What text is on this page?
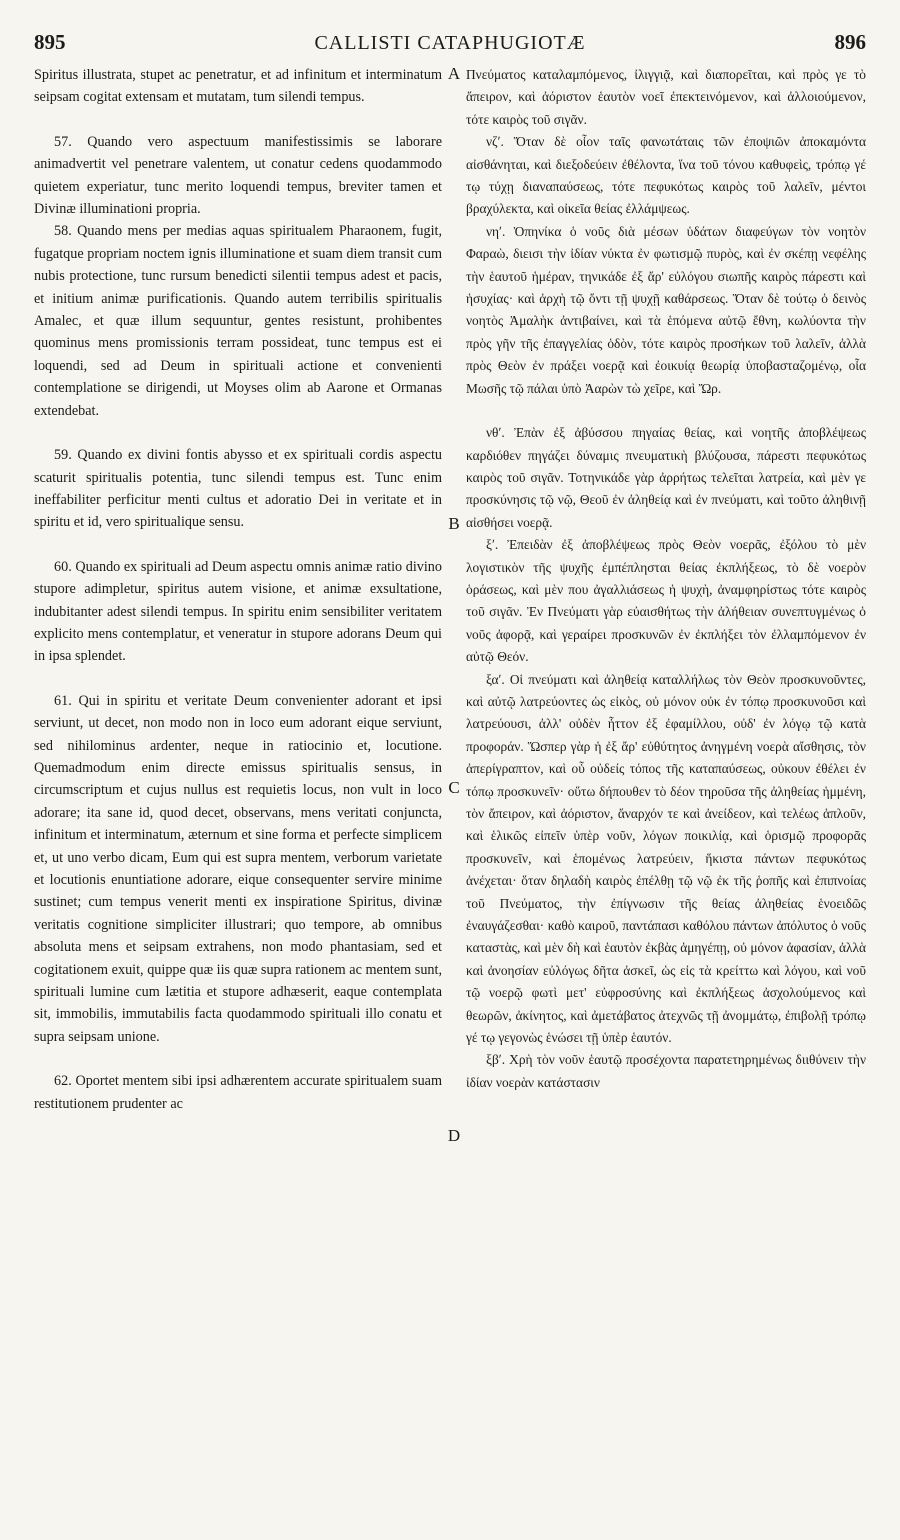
895	CALLISTI CATAPHUGIOTÆ	896

Spiritus illustrata, stupet ac penetratur, et ad infinitum et interminatum seipsam cogitat extensam et mutatam, tum silendi tempus.

57. Quando vero aspectuum manifestissimis se laborare animadvertit vel penetrare valentem, ut conatur cedens quodammodo quietem experiatur, tunc merito loquendi tempus, breviter tamen et Divinæ illuminationi propria.

58. Quando mens per medias aquas spiritualem Pharaonem, fugit, fugatque propriam noctem ignis illuminatione et suam diem transit cum nubis protectione, tunc rursum benedicti silentii tempus adest et pacis, et initium animæ purificationis. Quando autem terribilis spiritualis Amalec, et quæ illum sequuntur, gentes resistunt, prohibentes quominus mens promissionis terram possideat, tunc tempus est ei loquendi, sed ad Deum in spirituali actione et convenienti contemplatione se dirigendi, ut Moyses olim ab Aarone et Ormanas extendebat.

59. Quando ex divini fontis abysso et ex spirituali cordis aspectu scaturit spiritualis potentia, tunc silendi tempus est. Tunc enim ineffabiliter perficitur menti cultus et adoratio Dei in veritate et in spiritu et id, vero spiritualique sensu.

60. Quando ex spirituali ad Deum aspectu omnis animæ ratio divino stupore adimpletur, spiritus autem visione, et animæ exsultatione, indubitanter adest silendi tempus. In spiritu enim sensibiliter veritatem explicito mens contemplatur, et veneratur in stupore adorans Deum qui in ipsa splendet.

61. Qui in spiritu et veritate Deum convenienter adorant et ipsi serviunt, ut decet, non modo non in loco eum adorant eique serviunt, sed nihilominus ardenter, neque in ratiocinio et, locutione. Quemadmodum enim directe emissus spiritualis sensus, in circumscriptum et cujus nullus est requietis locus, non vult in loco adorare; ita sane id, quod decet, observans, mens veritati conjuncta, infinitum et interminatum, æternum et sine forma et perfecte simplicem et, ut uno verbo dicam, Eum qui est supra mentem, verborum varietate et locutionis enuntiatione adorare, eique consequenter servire minime sustinet; cum tempus venerit menti ex inspiratione Spiritus, divinæ veritatis cognitione simpliciter illustrari; quo tempore, ab omnibus absoluta mens et seipsam extrahens, non modo phantasiam, sed et cogitationem exuit, quippe quæ iis quæ supra rationem ac mentem sunt, spirituali lumine cum lætitia et stupore adhæserit, eaque contemplata sit, immobilis, immutabilis facta quodammodo spirituali illo conatu et supra seipsam unione.

62. Oportet mentem sibi ipsi adhærentem accurate spiritualem suam restitutionem prudenter ac

A
B
C
D

Πνεύματος καταλαμπόμενος, ἰλιγγιᾷ, καὶ διαπορεῖται, καὶ πρὸς γε τὸ ἄπειρον, καὶ ἀόριστον ἑαυτὸν νοεῖ ἐπεκτεινόμενον, καὶ ἀλλοιούμενον, τότε καιρὸς τοῦ σιγᾶν.

νζʹ. Ὅταν δὲ οἷον ταῖς φανωτάταις τῶν ἐποψιῶν ἀποκαμόντα αἰσθάνηται, καὶ διεξοδεύειν ἐθέλοντα, ἵνα τοῦ τόνου καθυφεὶς, τρόπῳ γέ τῳ τύχῃ διαναπαύσεως, τότε πεφυκότως καιρὸς τοῦ λαλεῖν, μέντοι βραχύλεκτα, καὶ οἰκεῖα θείας ἐλλάμψεως.

νηʹ. Ὁπηνίκα ὁ νοῦς διὰ μέσων ὑδάτων διαφεύγων τὸν νοητὸν Φαραὼ, διεισι τὴν ἰδίαν νύκτα ἐν φωτισμῷ πυρὸς, καὶ ἐν σκέπῃ νεφέλης τὴν ἑαυτοῦ ἡμέραν, τηνικάδε ἐξ ἄρ' εὐλόγου σιωπῆς καιρὸς πάρεστι καὶ ἡσυχίας· καὶ ἀρχὴ τῷ ὄντι τῇ ψυχῇ καθάρσεως. Ὅταν δὲ τούτῳ ὁ δεινὸς νοητὸς Ἀμαλὴκ ἀντιβαίνει, καὶ τὰ ἑπόμενα αὐτῷ ἔθνη, κωλύοντα τὴν πρὸς γῆν τῆς ἐπαγγελίας ὁδὸν, τότε καιρὸς προσήκων τοῦ λαλεῖν, ἀλλὰ πρὸς Θεὸν ἐν πράξει νοερᾷ καὶ ἐοικυίᾳ θεωρίᾳ ὑποβασταζομένῳ, οἷα Μωσῆς τῷ πάλαι ὑπὸ Ἀαρὼν τὼ χεῖρε, καὶ Ὤρ.

νθʹ. Ἐπὰν ἐξ ἀβύσσου πηγαίας θείας, καὶ νοητῆς ἀποβλέψεως καρδιόθεν πηγάζει δύναμις πνευματικὴ βλύζουσα, πάρεστι πεφυκότως καιρὸς τοῦ σιγᾶν. Τοτηνικάδε γὰρ ἀρρήτως τελεῖται λατρεία, καὶ μὲν γε προσκύνησις τῷ νῷ, Θεοῦ ἐν ἀληθείᾳ καὶ ἐν πνεύματι, καὶ τοῦτο ἀληθινῇ αἰσθήσει νοερᾷ.

ξʹ. Ἐπειδὰν ἐξ ἀποβλέψεως πρὸς Θεὸν νοερᾶς, ἐξόλου τὸ μὲν λογιστικὸν τῆς ψυχῆς ἐμπέπλησται θείας ἐκπλήξεως, τὸ δὲ νοερὸν ὁράσεως, καὶ μὲν που ἀγαλλιάσεως ἡ ψυχὴ, ἀναμφηρίστως τότε καιρὸς τοῦ σιγᾶν. Ἐν Πνεύματι γὰρ εὐαισθήτως τὴν ἀλήθειαν συνεπτυγμένως ὁ νοῦς ἀφορᾷ, καὶ γεραίρει προσκυνῶν ἐν ἐκπλήξει τὸν ἐλλαμπόμενον ἐν αὐτῷ Θεόν.

ξαʹ. Οἱ πνεύματι καὶ ἀληθείᾳ καταλλήλως τὸν Θεὸν προσκυνοῦντες, καὶ αὐτῷ λατρεύοντες ὡς εἰκὸς, οὐ μόνον οὐκ ἐν τόπῳ προσκυνοῦσι καὶ λατρεύουσι, ἀλλ' οὐδὲν ἧττον ἐξ ἐφαμίλλου, οὐδ' ἐν λόγῳ τῷ κατὰ προφοράν. Ὥσπερ γὰρ ἡ ἐξ ἄρ' εὐθύτητος ἀνηγμένη νοερὰ αἴσθησις, τὸν ἀπερίγραπτον, καὶ οὗ οὐδείς τόπος τῆς καταπαύσεως, οὐκουν ἐθέλει ἐν τόπῳ προσκυνεῖν· οὕτω δήπουθεν τὸ δέον τηροῦσα τῆς ἀληθείας ἡμμένη, τὸν ἄπειρον, καὶ ἀόριστον, ἄναρχόν τε καὶ ἀνείδεον, καὶ τελέως ἁπλοῦν, καὶ ἑλικῶς εἰπεῖν ὑπὲρ νοῦν, λόγων ποικιλίᾳ, καὶ ὁρισμῷ προφορᾶς προσκυνεῖν, καὶ ἑπομένως λατρεύειν, ἥκιστα πάντων πεφυκότως ἀνέχεται· ὅταν δηλαδὴ καιρὸς ἐπέλθῃ τῷ νῷ ἐκ τῆς ῥοπῆς καὶ ἐπιπνοίας τοῦ Πνεύματος, τὴν ἐπίγνωσιν τῆς θείας ἀληθείας ἑνοειδῶς ἐναυγάζεσθαι· καθὸ καιροῦ, παντάπασι καθόλου πάντων ἀπόλυτος ὁ νοῦς καταστὰς, καὶ μὲν δὴ καὶ ἑαυτὸν ἐκβὰς ἁμηγέπῃ, οὐ μόνον ἀφασίαν, ἀλλὰ καὶ ἀνοησίαν εὐλόγως δῆτα ἀσκεῖ, ὡς εἰς τὰ κρείττω καὶ λόγου, καὶ νοῦ τῷ νοερῷ φωτὶ μετ' εὐφροσύνης καὶ ἐκπλήξεως ἀσχολούμενος καὶ θεωρῶν, ἀκίνητος, καὶ ἀμετάβατος ἀτεχνῶς τῇ ἀνομμάτῳ, ἐπιβολῇ τρόπῳ γέ τῳ γεγονὼς ἑνώσει τῇ ὑπὲρ ἑαυτόν.

ξβʹ. Χρὴ τὸν νοῦν ἑαυτῷ προσέχοντα παρατετηρημένως διιθύνειν τὴν ἰδίαν νοερὰν κατάστασιν
